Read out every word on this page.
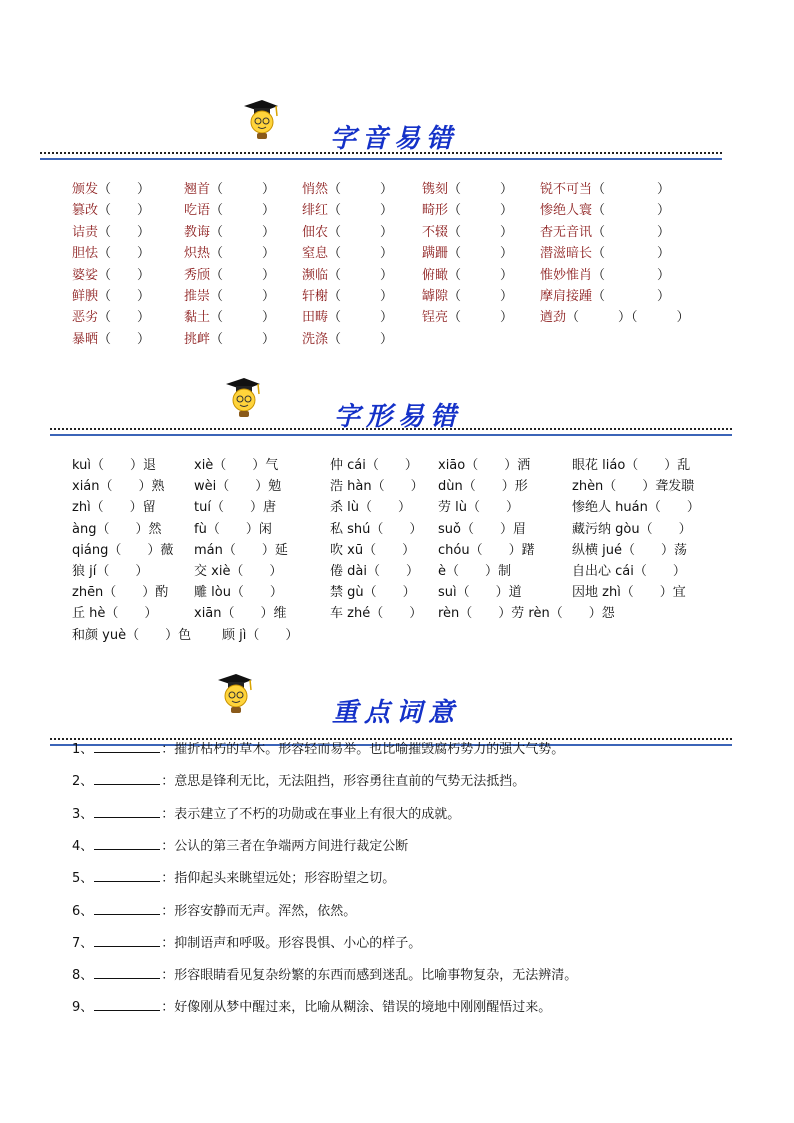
字音易错
颁发（　　）	翘首（　　　） 悄然（　　　） 镌刻（　　　） 锐不可当（　　　　）
篡改（　　）	吃语（　　　） 绯红（　　　） 畸形（　　　） 惨绝人寰（　　　　）
诘责（　　）	教诲（　　　） 佃农（　　　） 不辍（　　　） 杳无音讯（　　　　）
胆怯（　　）	炽热（　　　） 窒息（　　　） 蹒跚（　　　） 潜滋暗长（　　　　）
婆娑（　　）	秀颀（　　　） 濒临（　　　） 俯瞰（　　　） 惟妙惟肖（　　　　）
鲜腴（　　）	推崇（　　　） 轩榭（　　　） 罅隙（　　　） 摩肩接踵（　　　　）
恶劣（　　）	黏土（　　　） 田畴（　　　） 锃亮（　　　） 遒劲（　　　）（　　　）
暴晒（　　）	挑衅（　　　） 洗涤（　　　）
字形易错
kuì（　　）退	xiè（　　）气	仲 cái（　　） xiāo（　　）洒	眼花 liáo（　　）乱
xián（　　）熟 wèi（　　）勉	浩 hàn（　　） dùn（　　）形	zhèn（　　）聋发聩
zhì（　　）留	tuí（　　）唐	杀 lù（　　） 劳 lù（　　）	惨绝人 huán（　　）
àng（　　）然	fù（　　）闲	私 shú（　　） suǒ（　　）眉	藏污纳 gòu（　　）
qiáng（　　）薇 mán（　　）延	吹 xū（　　） chóu（　　）躇	纵横 jué（　　）荡
狼 jí（　　）	交 xiè（　　）	倦 dài（　　） è（　　）制	自出心 cái（　　）
zhēn（　　）酌 雕 lòu（　　）	禁 gù（　　） suì（　　）道	因地 zhì（　　）宜
丘 hè（　　）	xiān（　　）维	车 zhé（　　） rèn（　　）劳 rèn（　　）怨
和颜 yuè（　　）色 顾 jì（　　）
重点词意
1、	：摧折枯朽的草木。形容轻而易举。也比喻摧毁腐朽势力的强大气势。
2、	：意思是锋利无比，无法阻挡，形容勇往直前的气势无法抵挡。
3、	：表示建立了不朽的功勋或在事业上有很大的成就。
4、	：公认的第三者在争端两方间进行裁定公断
5、	：指仰起头来眺望远处；形容盼望之切。
6、	：形容安静而无声。浑然，依然。
7、	：抑制语声和呼吸。形容畏惧、小心的样子。
8、	：形容眼睛看见复杂纷繁的东西而感到迷乱。比喻事物复杂，无法辨清。
9、	：好像刚从梦中醒过来，比喻从糊涂、错误的境地中刚刚醒悟过来。
